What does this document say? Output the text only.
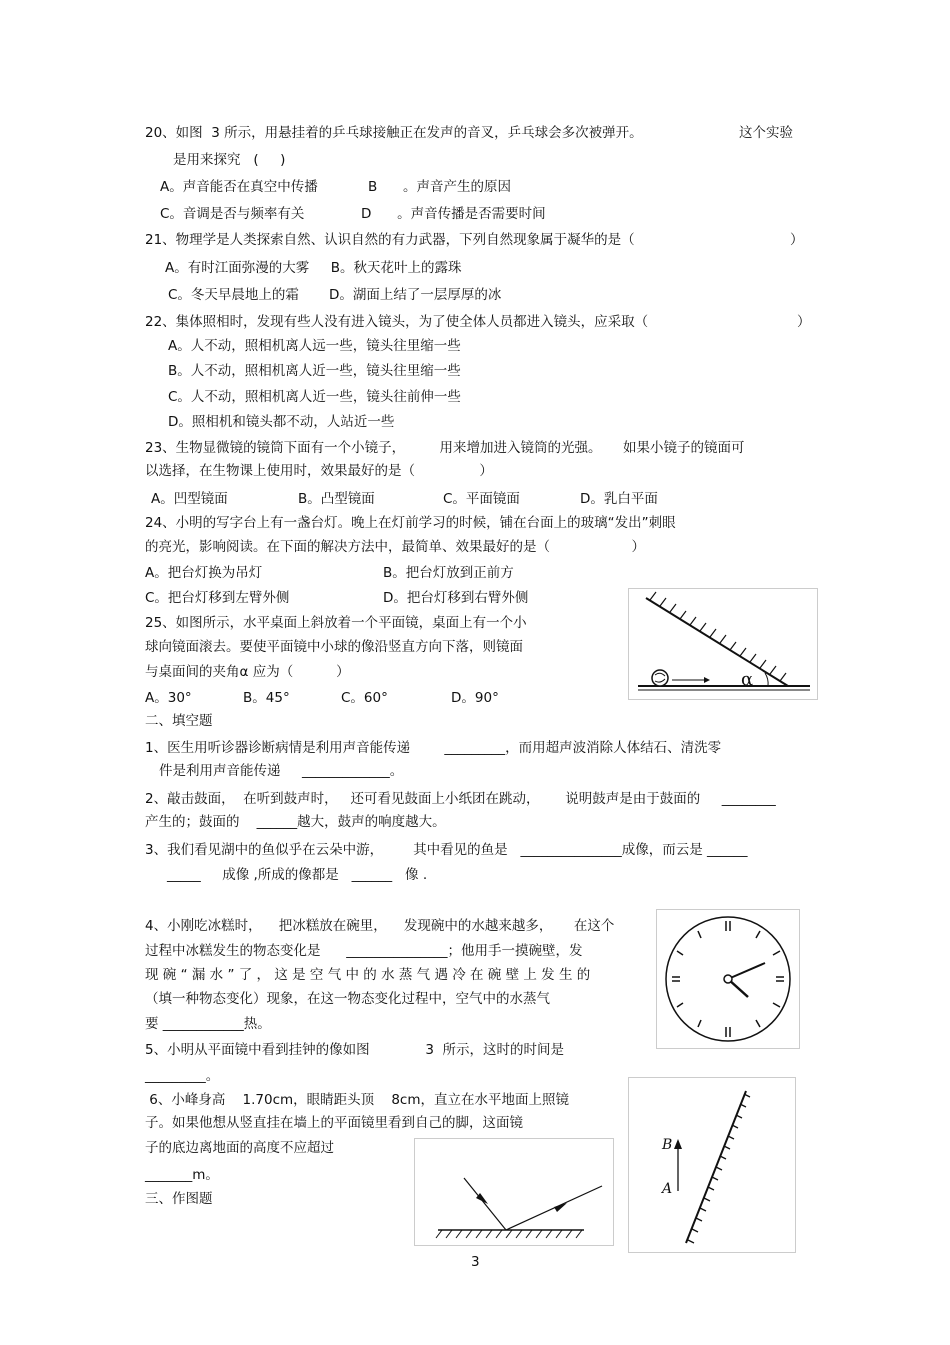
20、如图  3 所示，用悬挂着的乒乓球接触正在发声的音叉，乒乓球会多次被弹开。	这个实验
是用来探究   (     )
A。声音能否在真空中传播	B      。声音产生的原因
C。音调是否与频率有关	D      。声音传播是否需要时间
21、物理学是人类探索自然、认识自然的有力武器，下列自然现象属于凝华的是（	）
A。有时江面弥漫的大雾     B。秋天花叶上的露珠
C。冬天早晨地上的霜       D。湖面上结了一层厚厚的冰
22、集体照相时，发现有些人没有进入镜头，为了使全体人员都进入镜头，应采取（	）
A。人不动，照相机离人远一些，镜头往里缩一些
B。人不动，照相机离人近一些，镜头往里缩一些
C。人不动，照相机离人近一些，镜头往前伸一些
D。照相机和镜头都不动，人站近一些
23、生物显微镜的镜筒下面有一个小镜子，        用来增加进入镜筒的光强。     如果小镜子的镜面可
以选择，在生物课上使用时，效果最好的是（               ）
A。凹型镜面	B。凸型镜面	C。平面镜面	D。乳白平面
24、小明的写字台上有一盏台灯。晚上在灯前学习的时候，铺在台面上的玻璃“发出”刺眼
的亮光，影响阅读。在下面的解决方法中，最简单、效果最好的是（                   ）
A。把台灯换为吊灯	B。把台灯放到正前方
C。把台灯移到左臂外侧	D。把台灯移到右臂外侧
25、如图所示，水平桌面上斜放着一个平面镜，桌面上有一个小
球向镜面滚去。要使平面镜中小球的像沿竖直方向下落，则镜面
与桌面间的夹角α 应为（          ）
A。30°	B。45°	C。60°	D。90°
二、填空题
1、医生用听诊器诊断病情是利用声音能传递        _________，而用超声波消除人体结石、清洗零
件是利用声音能传递     _____________。
2、敲击鼓面，  在听到鼓声时，   还可看见鼓面上小纸团在跳动，      说明鼓声是由于鼓面的     ________
产生的；鼓面的    ______越大，鼓声的响度越大。
3、我们看见湖中的鱼似乎在云朵中游，       其中看见的鱼是   _______________成像，而云是 ______
_____     成像 ,所成的像都是   ______   像 .
4、小刚吃冰糕时，    把冰糕放在碗里，    发现碗中的水越来越多，     在这个
过程中冰糕发生的物态变化是      _______________；他用手一摸碗壁，发
现 碗 “ 漏 水 ” 了 ， 这 是 空 气 中 的 水 蒸 气 遇 冷 在 碗 壁 上 发 生 的
（填一种物态变化）现象，在这一物态变化过程中，空气中的水蒸气
要 ____________热。
5、小明从平面镜中看到挂钟的像如图             3  所示，这时的时间是
_________。
6、小峰身高    1.70cm，眼睛距头顶    8cm，直立在水平地面上照镜
子。如果他想从竖直挂在墙上的平面镜里看到自己的脚，这面镜
子的底边离地面的高度不应超过
_______m。
三、作图题
α
B
A
3
